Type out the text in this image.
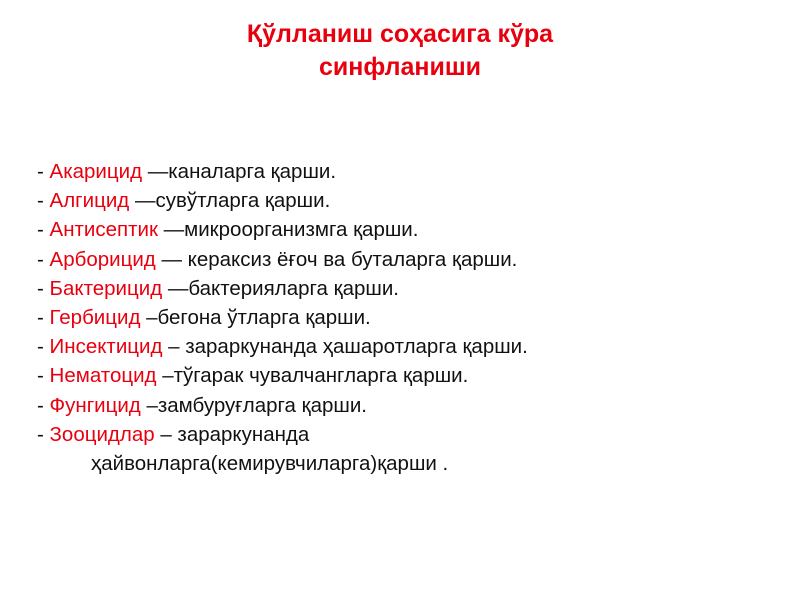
Қўлланиш соҳасига кўра
синфланиши
- Акарицид —каналарга қарши.
- Алгицид —сувўтларга қарши.
- Антисептик —микроорганизмга қарши.
- Арборицид — кераксиз ёғоч ва буталарга қарши.
- Бактерицид —бактерияларга қарши.
- Гербицид –бегона ўтларга қарши.
- Инсектицид – зараркунанда ҳашаротларга қарши.
- Нематоцид –тўгарак чувалчангларга қарши.
- Фунгицид –замбуруғларга қарши.
- Зооцидлар – зараркунанда
ҳайвонларга(кемирувчиларга)қарши .
